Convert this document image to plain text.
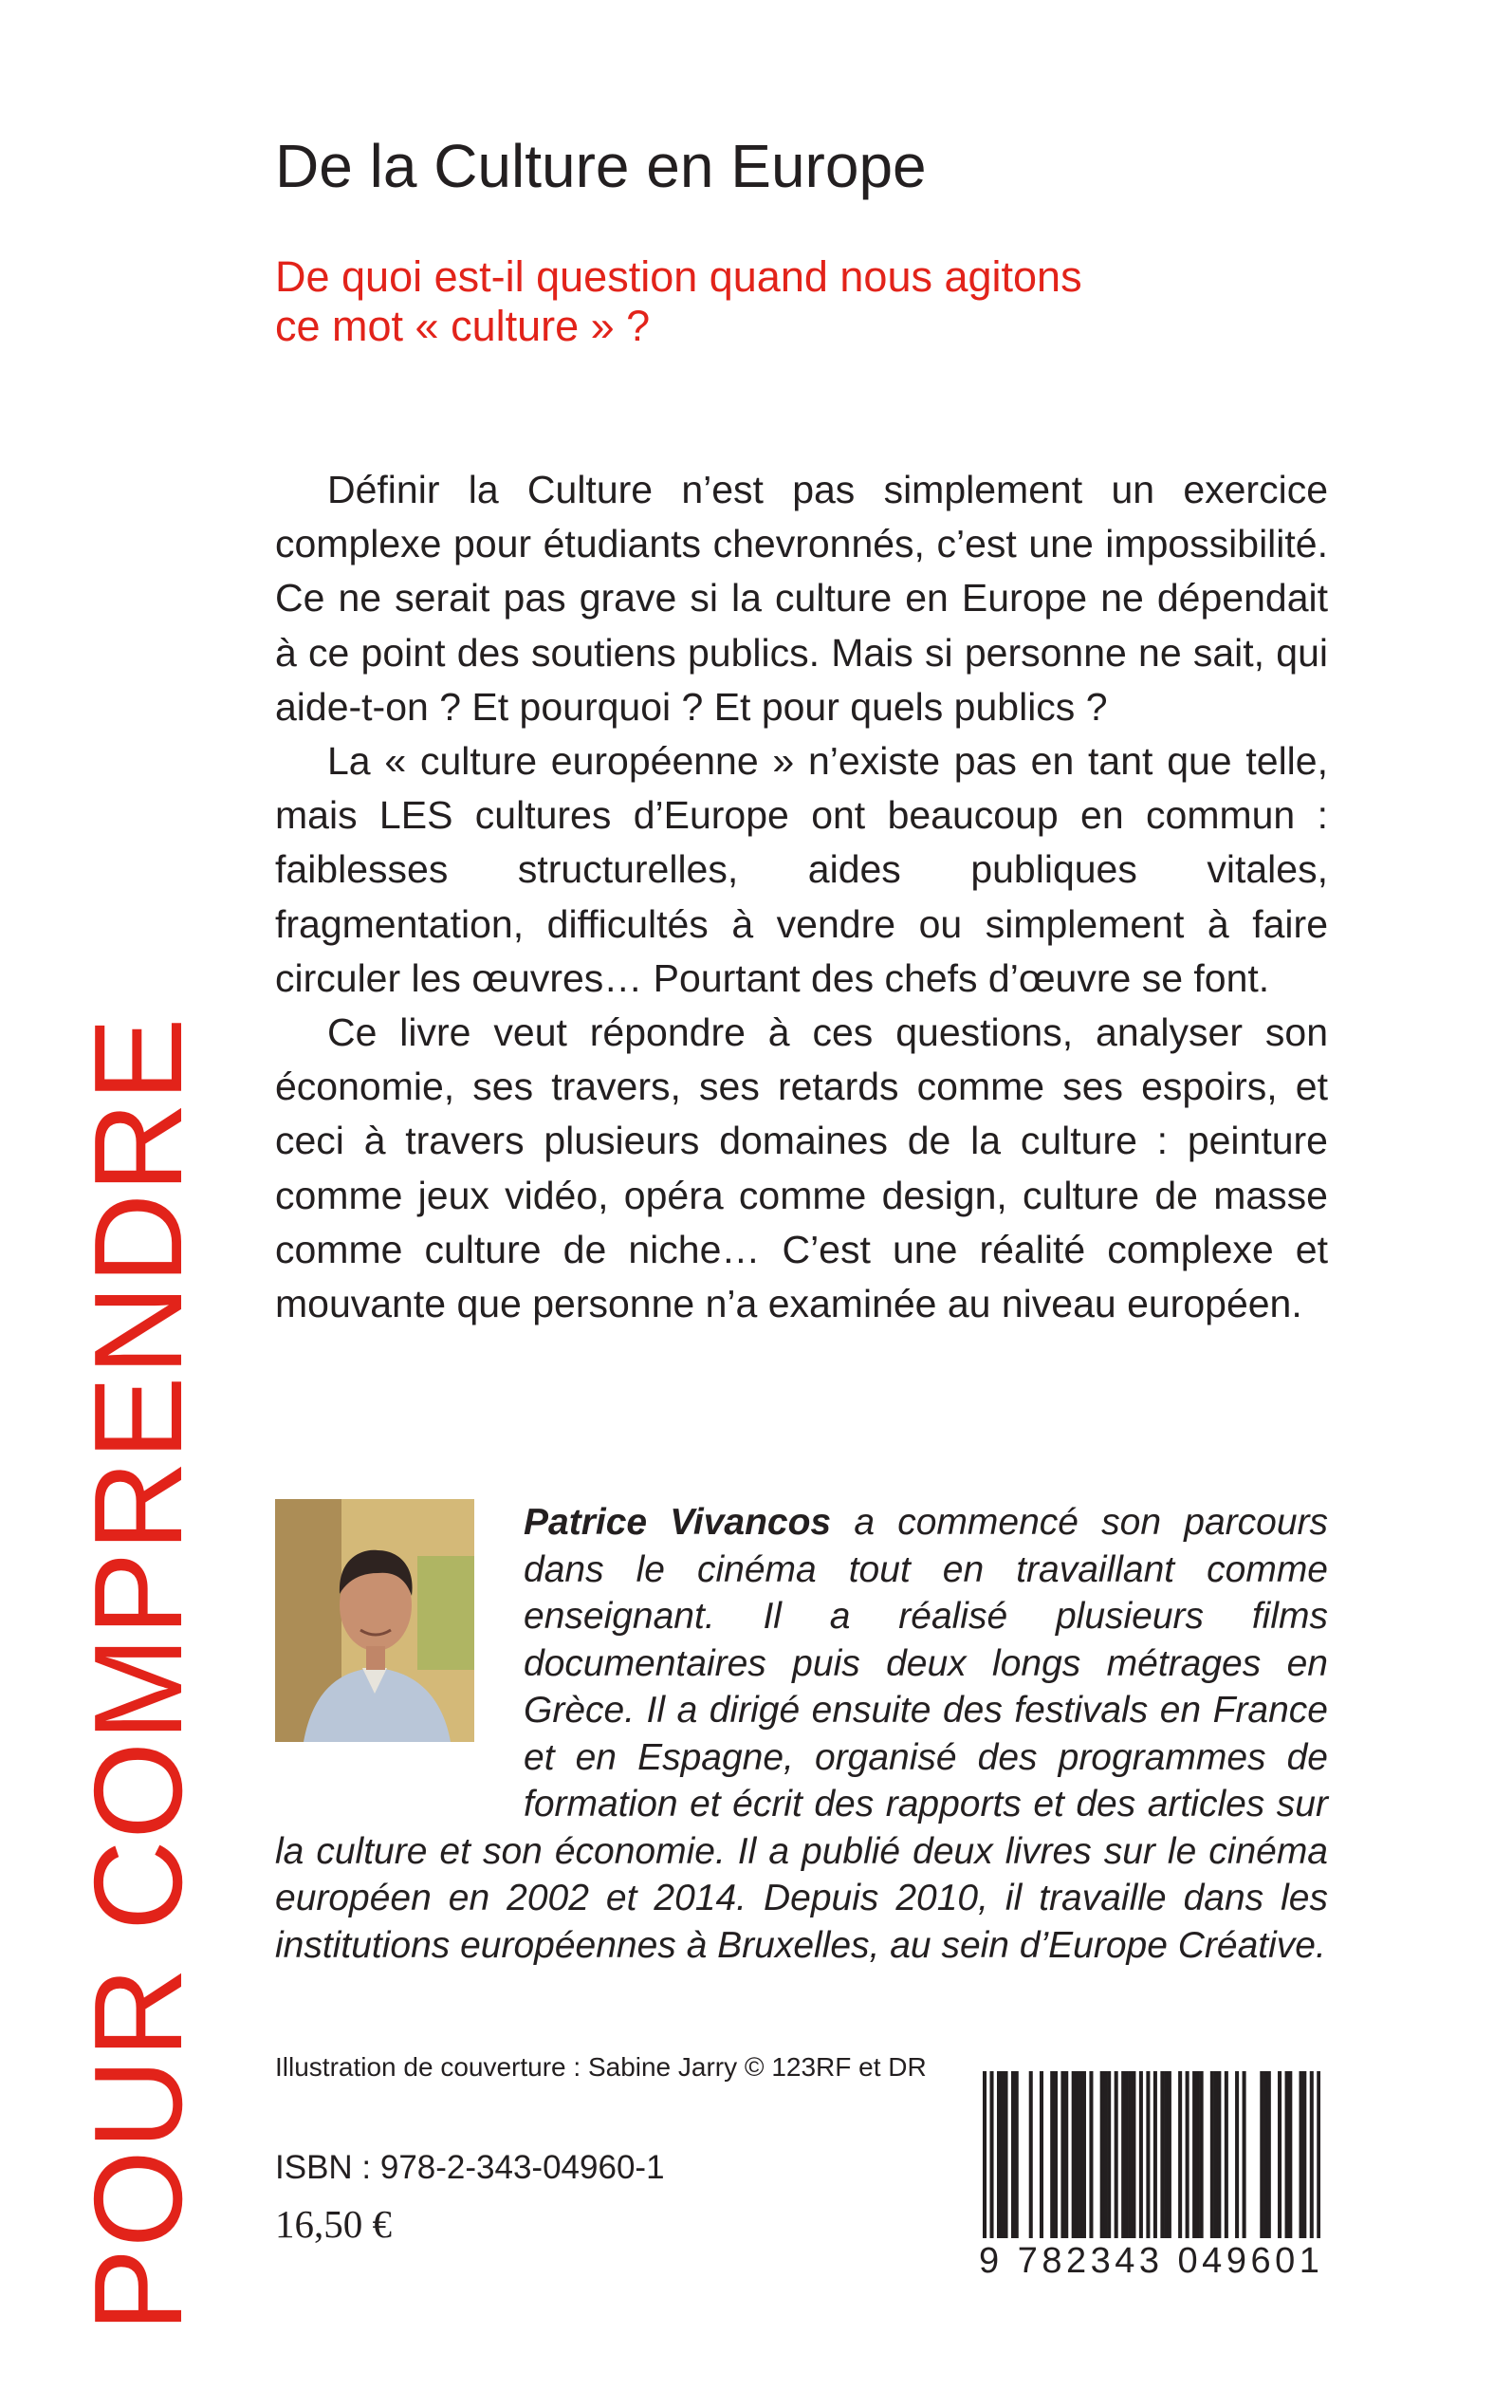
POUR COMPRENDRE
De la Culture en Europe
De quoi est-il question quand nous agitons
ce mot « culture » ?

Définir la Culture n’est pas simplement un exercice complexe pour étudiants chevronnés, c’est une impossibilité. Ce ne serait pas grave si la culture en Europe ne dépendait à ce point des soutiens publics. Mais si personne ne sait, qui aide-t-on ? Et pourquoi ? Et pour quels publics ?

La « culture européenne » n’existe pas en tant que telle, mais LES cultures d’Europe ont beaucoup en commun : faiblesses structurelles, aides publiques vitales, fragmentation, difficultés à vendre ou simplement à faire circuler les œuvres… Pourtant des chefs d’œuvre se font.

Ce livre veut répondre à ces questions, analyser son économie, ses travers, ses retards comme ses espoirs, et ceci à travers plusieurs domaines de la culture : peinture comme jeux vidéo, opéra comme design, culture de masse comme culture de niche… C’est une réalité complexe et mouvante que personne n’a examinée au niveau européen.

Patrice Vivancos a commencé son parcours dans le cinéma tout en travaillant comme enseignant. Il a réalisé plusieurs films documentaires puis deux longs métrages en Grèce. Il a dirigé ensuite des festivals en France et en Espagne, organisé des programmes de formation et écrit des rapports et des articles sur la culture et son économie. Il a publié deux livres sur le cinéma européen en 2002 et 2014. Depuis 2010, il travaille dans les institutions européennes à Bruxelles, au sein d’Europe Créative.
Illustration de couverture : Sabine Jarry © 123RF et DR
ISBN : 978-2-343-04960-1
16,50 €
9 782343 049601
